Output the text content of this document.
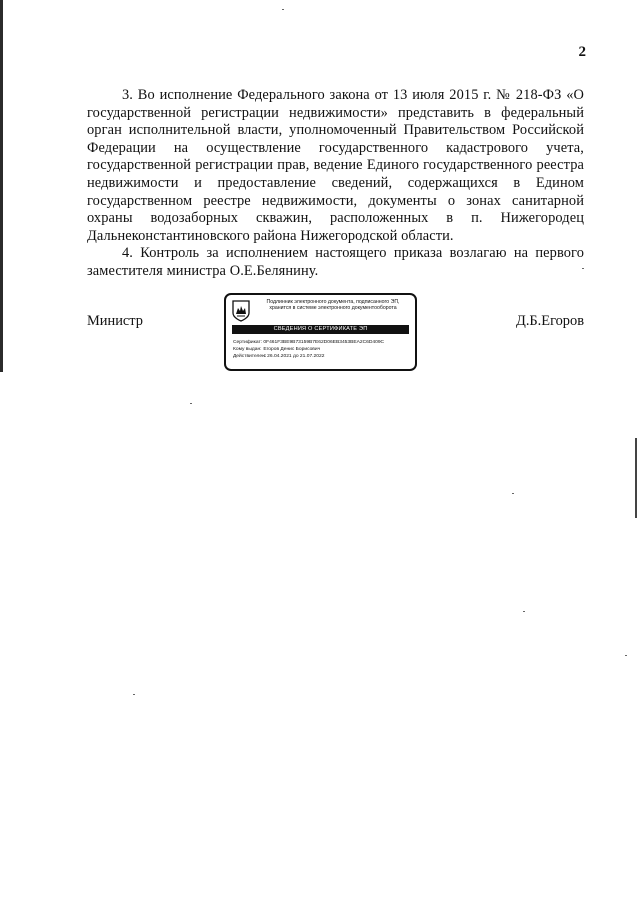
2

3. Во исполнение Федерального закона от 13 июля 2015 г. № 218-ФЗ «О государственной регистрации недвижимости» представить в федеральный орган исполнительной власти, уполномоченный Правительством Российской Федерации на осуществление государственного кадастрового учета, государственной регистрации прав, ведение Единого государственного реестра недвижимости и предоставление сведений, содержащихся в Едином государственном реестре недвижимости, документы о зонах санитарной охраны водозаборных скважин, расположенных в п. Нижегородец Дальнеконстантиновского района Нижегородской области.

4. Контроль за исполнением настоящего приказа возлагаю на первого заместителя министра О.Е.Белянину.

Министр
Подлинник электронного документа, подписанного ЭП,
хранится в системе электронного документооборота
СВЕДЕНИЯ О СЕРТИФИКАТЕ ЭП
Сертификат: 0F461F3BE9B73159B7E62D06EB3453BEA2C6D409C
Кому выдан: Егоров Денис Борисович
Действителен: с 26.04.2021 до 21.07.2022
Д.Б.Егоров
